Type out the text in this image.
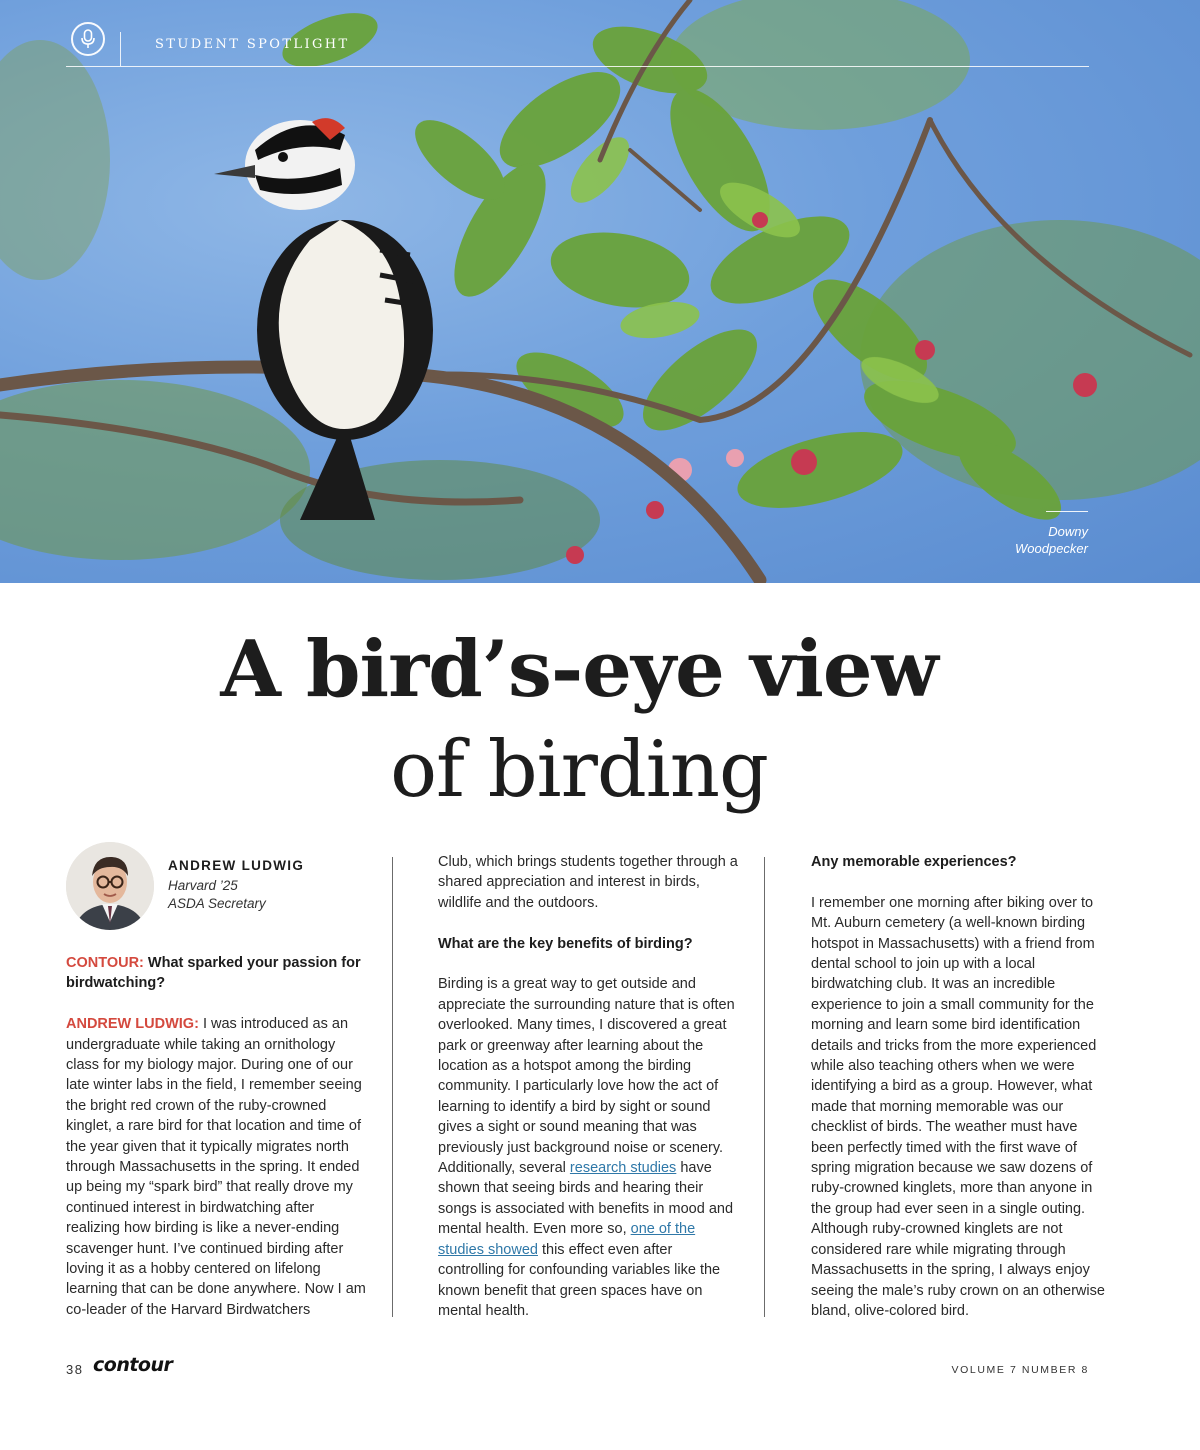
STUDENT SPOTLIGHT
Downy
Woodpecker
A bird’s-eye view
of birding
ANDREW LUDWIG
Harvard ’25
ASDA Secretary

CONTOUR: What sparked your passion for birdwatching?

ANDREW LUDWIG: I was introduced as an undergraduate while taking an ornithology class for my biology major. During one of our late winter labs in the field, I remember seeing the bright red crown of the ruby-crowned kinglet, a rare bird for that location and time of the year given that it typically migrates north through Massachusetts in the spring. It ended up being my “spark bird” that really drove my continued interest in birdwatching after realizing how birding is like a never-ending scavenger hunt. I’ve continued birding after loving it as a hobby centered on lifelong learning that can be done anywhere. Now I am co-leader of the Harvard Birdwatchers

Club, which brings students together through a shared appreciation and interest in birds, wildlife and the outdoors.

What are the key benefits of birding?

Birding is a great way to get outside and appreciate the surrounding nature that is often overlooked. Many times, I discovered a great park or greenway after learning about the location as a hotspot among the birding community. I particularly love how the act of learning to identify a bird by sight or sound gives a sight or sound meaning that was previously just background noise or scenery. Additionally, several research studies have shown that seeing birds and hearing their songs is associated with benefits in mood and mental health. Even more so, one of the studies showed this effect even after controlling for confounding variables like the known benefit that green spaces have on mental health.

Any memorable experiences?

I remember one morning after biking over to Mt. Auburn cemetery (a well-known birding hotspot in Massachusetts) with a friend from dental school to join up with a local birdwatching club. It was an incredible experience to join a small community for the morning and learn some bird identification details and tricks from the more experienced while also teaching others when we were identifying a bird as a group. However, what made that morning memorable was our checklist of birds. The weather must have been perfectly timed with the first wave of spring migration because we saw dozens of ruby-crowned kinglets, more than anyone in the group had ever seen in a single outing. Although ruby-crowned kinglets are not considered rare while migrating through Massachusetts in the spring, I always enjoy seeing the male’s ruby crown on an otherwise bland, olive-colored bird.

38 contour	VOLUME 7 NUMBER 8
